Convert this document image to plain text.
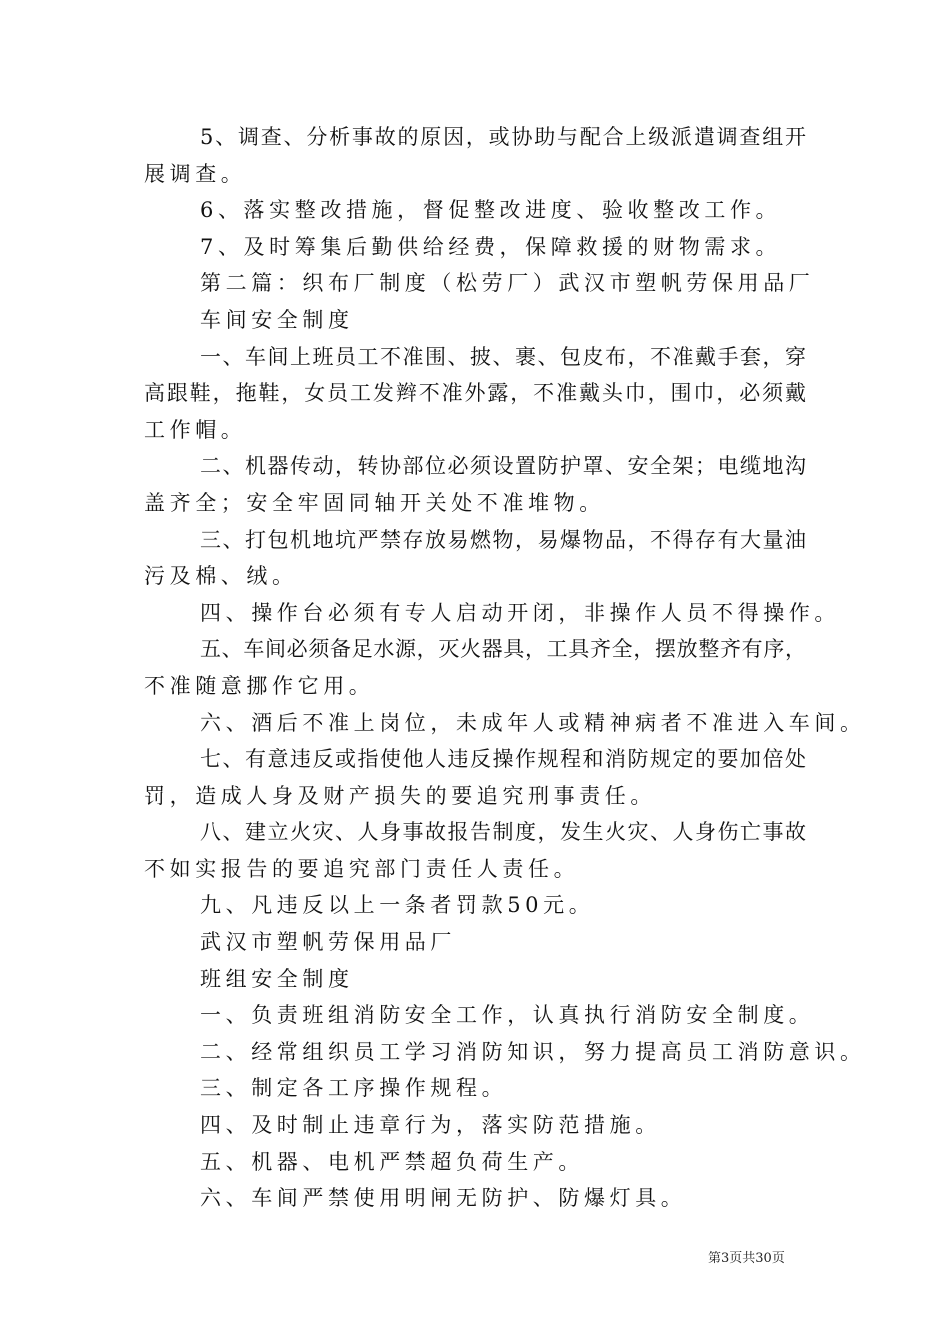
5、调查、分析事故的原因，或协助与配合上级派遣调查组开
展调查。
6、落实整改措施，督促整改进度、验收整改工作。
7、及时筹集后勤供给经费，保障救援的财物需求。
第二篇：织布厂制度（松劳厂）武汉市塑帆劳保用品厂
车间安全制度
一、车间上班员工不准围、披、裹、包皮布，不准戴手套，穿
高跟鞋，拖鞋，女员工发辫不准外露，不准戴头巾，围巾，必须戴
工作帽。
二、机器传动，转协部位必须设置防护罩、安全架；电缆地沟
盖齐全；安全牢固同轴开关处不准堆物。
三、打包机地坑严禁存放易燃物，易爆物品，不得存有大量油
污及棉、绒。
四、操作台必须有专人启动开闭，非操作人员不得操作。
五、车间必须备足水源，灭火器具，工具齐全，摆放整齐有序，
不准随意挪作它用。
六、酒后不准上岗位，未成年人或精神病者不准进入车间。
七、有意违反或指使他人违反操作规程和消防规定的要加倍处
罚，造成人身及财产损失的要追究刑事责任。
八、建立火灾、人身事故报告制度，发生火灾、人身伤亡事故
不如实报告的要追究部门责任人责任。
九、凡违反以上一条者罚款50元。
武汉市塑帆劳保用品厂
班组安全制度
一、负责班组消防安全工作，认真执行消防安全制度。
二、经常组织员工学习消防知识，努力提高员工消防意识。
三、制定各工序操作规程。
四、及时制止违章行为，落实防范措施。
五、机器、电机严禁超负荷生产。
六、车间严禁使用明闸无防护、防爆灯具。
第3页共30页
